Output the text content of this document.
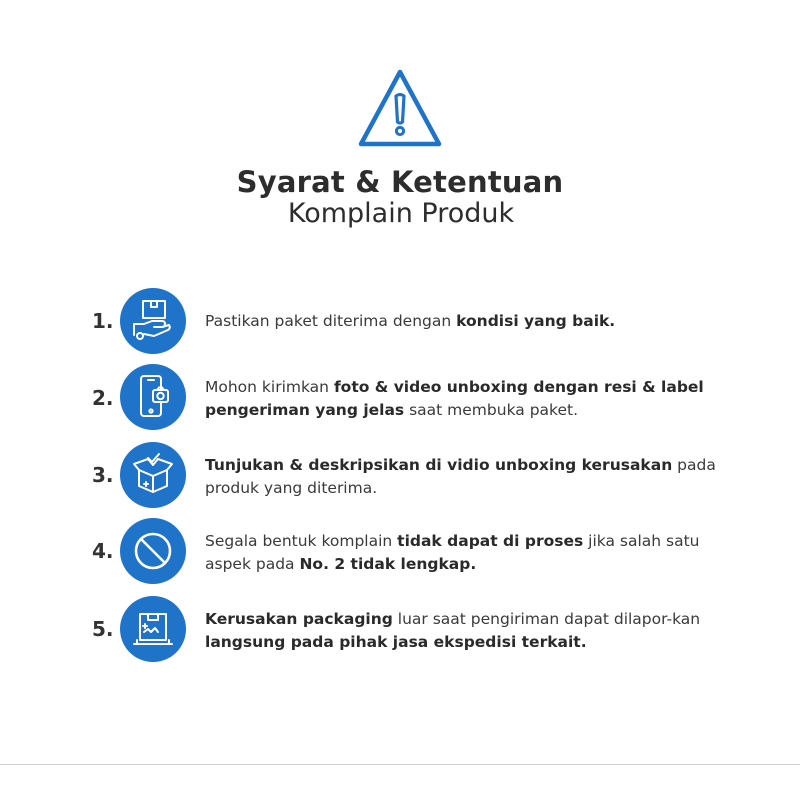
Syarat & Ketentuan
Komplain Produk
1.	Pastikan paket diterima dengan kondisi yang baik.
2.	Mohon kirimkan foto & video unboxing dengan resi & label pengeriman yang jelas saat membuka paket.
3.	Tunjukan & deskripsikan di vidio unboxing kerusakan pada produk yang diterima.
4.	Segala bentuk komplain tidak dapat di proses jika salah satu aspek pada No. 2 tidak lengkap.
5.	Kerusakan packaging luar saat pengiriman dapat dilapor-kan langsung pada pihak jasa ekspedisi terkait.
